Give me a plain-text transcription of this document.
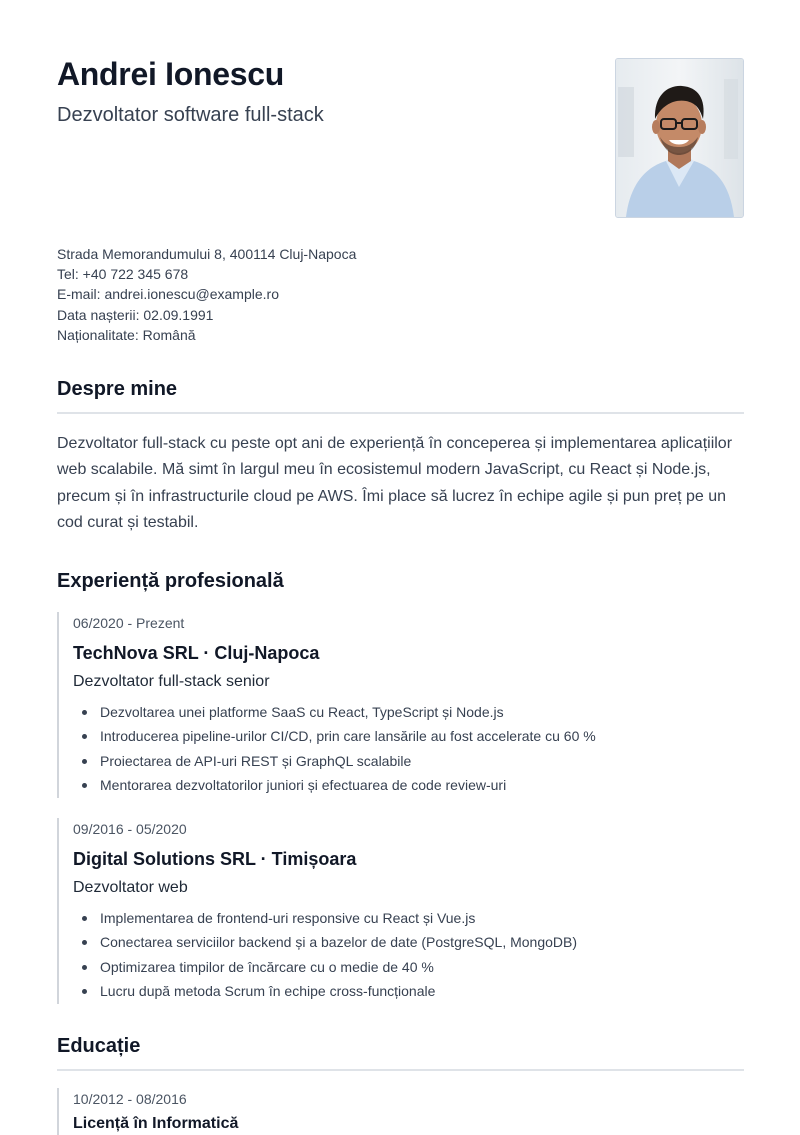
Andrei Ionescu
Dezvoltator software full-stack
Strada Memorandumului 8, 400114 Cluj-Napoca
Tel: +40 722 345 678
E-mail: andrei.ionescu@example.ro
Data nașterii: 02.09.1991
Naționalitate: Română
Despre mine
Dezvoltator full-stack cu peste opt ani de experiență în conceperea și implementarea aplicațiilor web scalabile. Mă simt în largul meu în ecosistemul modern JavaScript, cu React și Node.js, precum și în infrastructurile cloud pe AWS. Îmi place să lucrez în echipe agile și pun preț pe un cod curat și testabil.
Experiență profesională
06/2020 - Prezent
TechNova SRL · Cluj-Napoca
Dezvoltator full-stack senior
Dezvoltarea unei platforme SaaS cu React, TypeScript și Node.js
Introducerea pipeline-urilor CI/CD, prin care lansările au fost accelerate cu 60 %
Proiectarea de API-uri REST și GraphQL scalabile
Mentorarea dezvoltatorilor juniori și efectuarea de code review-uri
09/2016 - 05/2020
Digital Solutions SRL · Timișoara
Dezvoltator web
Implementarea de frontend-uri responsive cu React și Vue.js
Conectarea serviciilor backend și a bazelor de date (PostgreSQL, MongoDB)
Optimizarea timpilor de încărcare cu o medie de 40 %
Lucru după metoda Scrum în echipe cross-funcționale
Educație
10/2012 - 08/2016
Licență în Informatică
